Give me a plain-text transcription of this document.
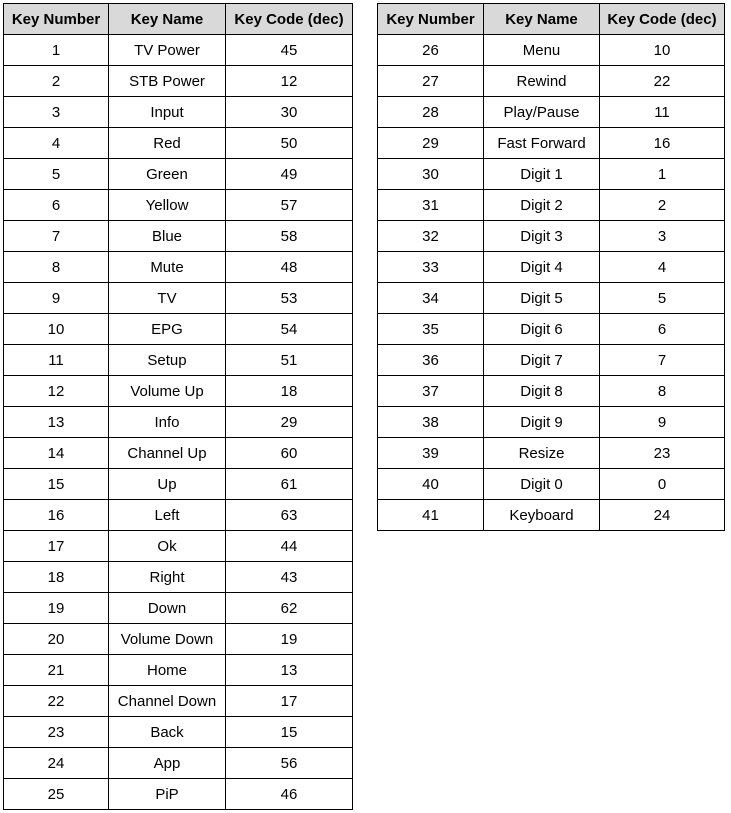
Key Number	Key Name	Key Code (dec)
1	TV Power	45
2	STB Power	12
3	Input	30
4	Red	50
5	Green	49
6	Yellow	57
7	Blue	58
8	Mute	48
9	TV	53
10	EPG	54
11	Setup	51
12	Volume Up	18
13	Info	29
14	Channel Up	60
15	Up	61
16	Left	63
17	Ok	44
18	Right	43
19	Down	62
20	Volume Down	19
21	Home	13
22	Channel Down	17
23	Back	15
24	App	56
25	PiP	46
Key Number	Key Name	Key Code (dec)
26	Menu	10
27	Rewind	22
28	Play/Pause	11
29	Fast Forward	16
30	Digit 1	1
31	Digit 2	2
32	Digit 3	3
33	Digit 4	4
34	Digit 5	5
35	Digit 6	6
36	Digit 7	7
37	Digit 8	8
38	Digit 9	9
39	Resize	23
40	Digit 0	0
41	Keyboard	24
